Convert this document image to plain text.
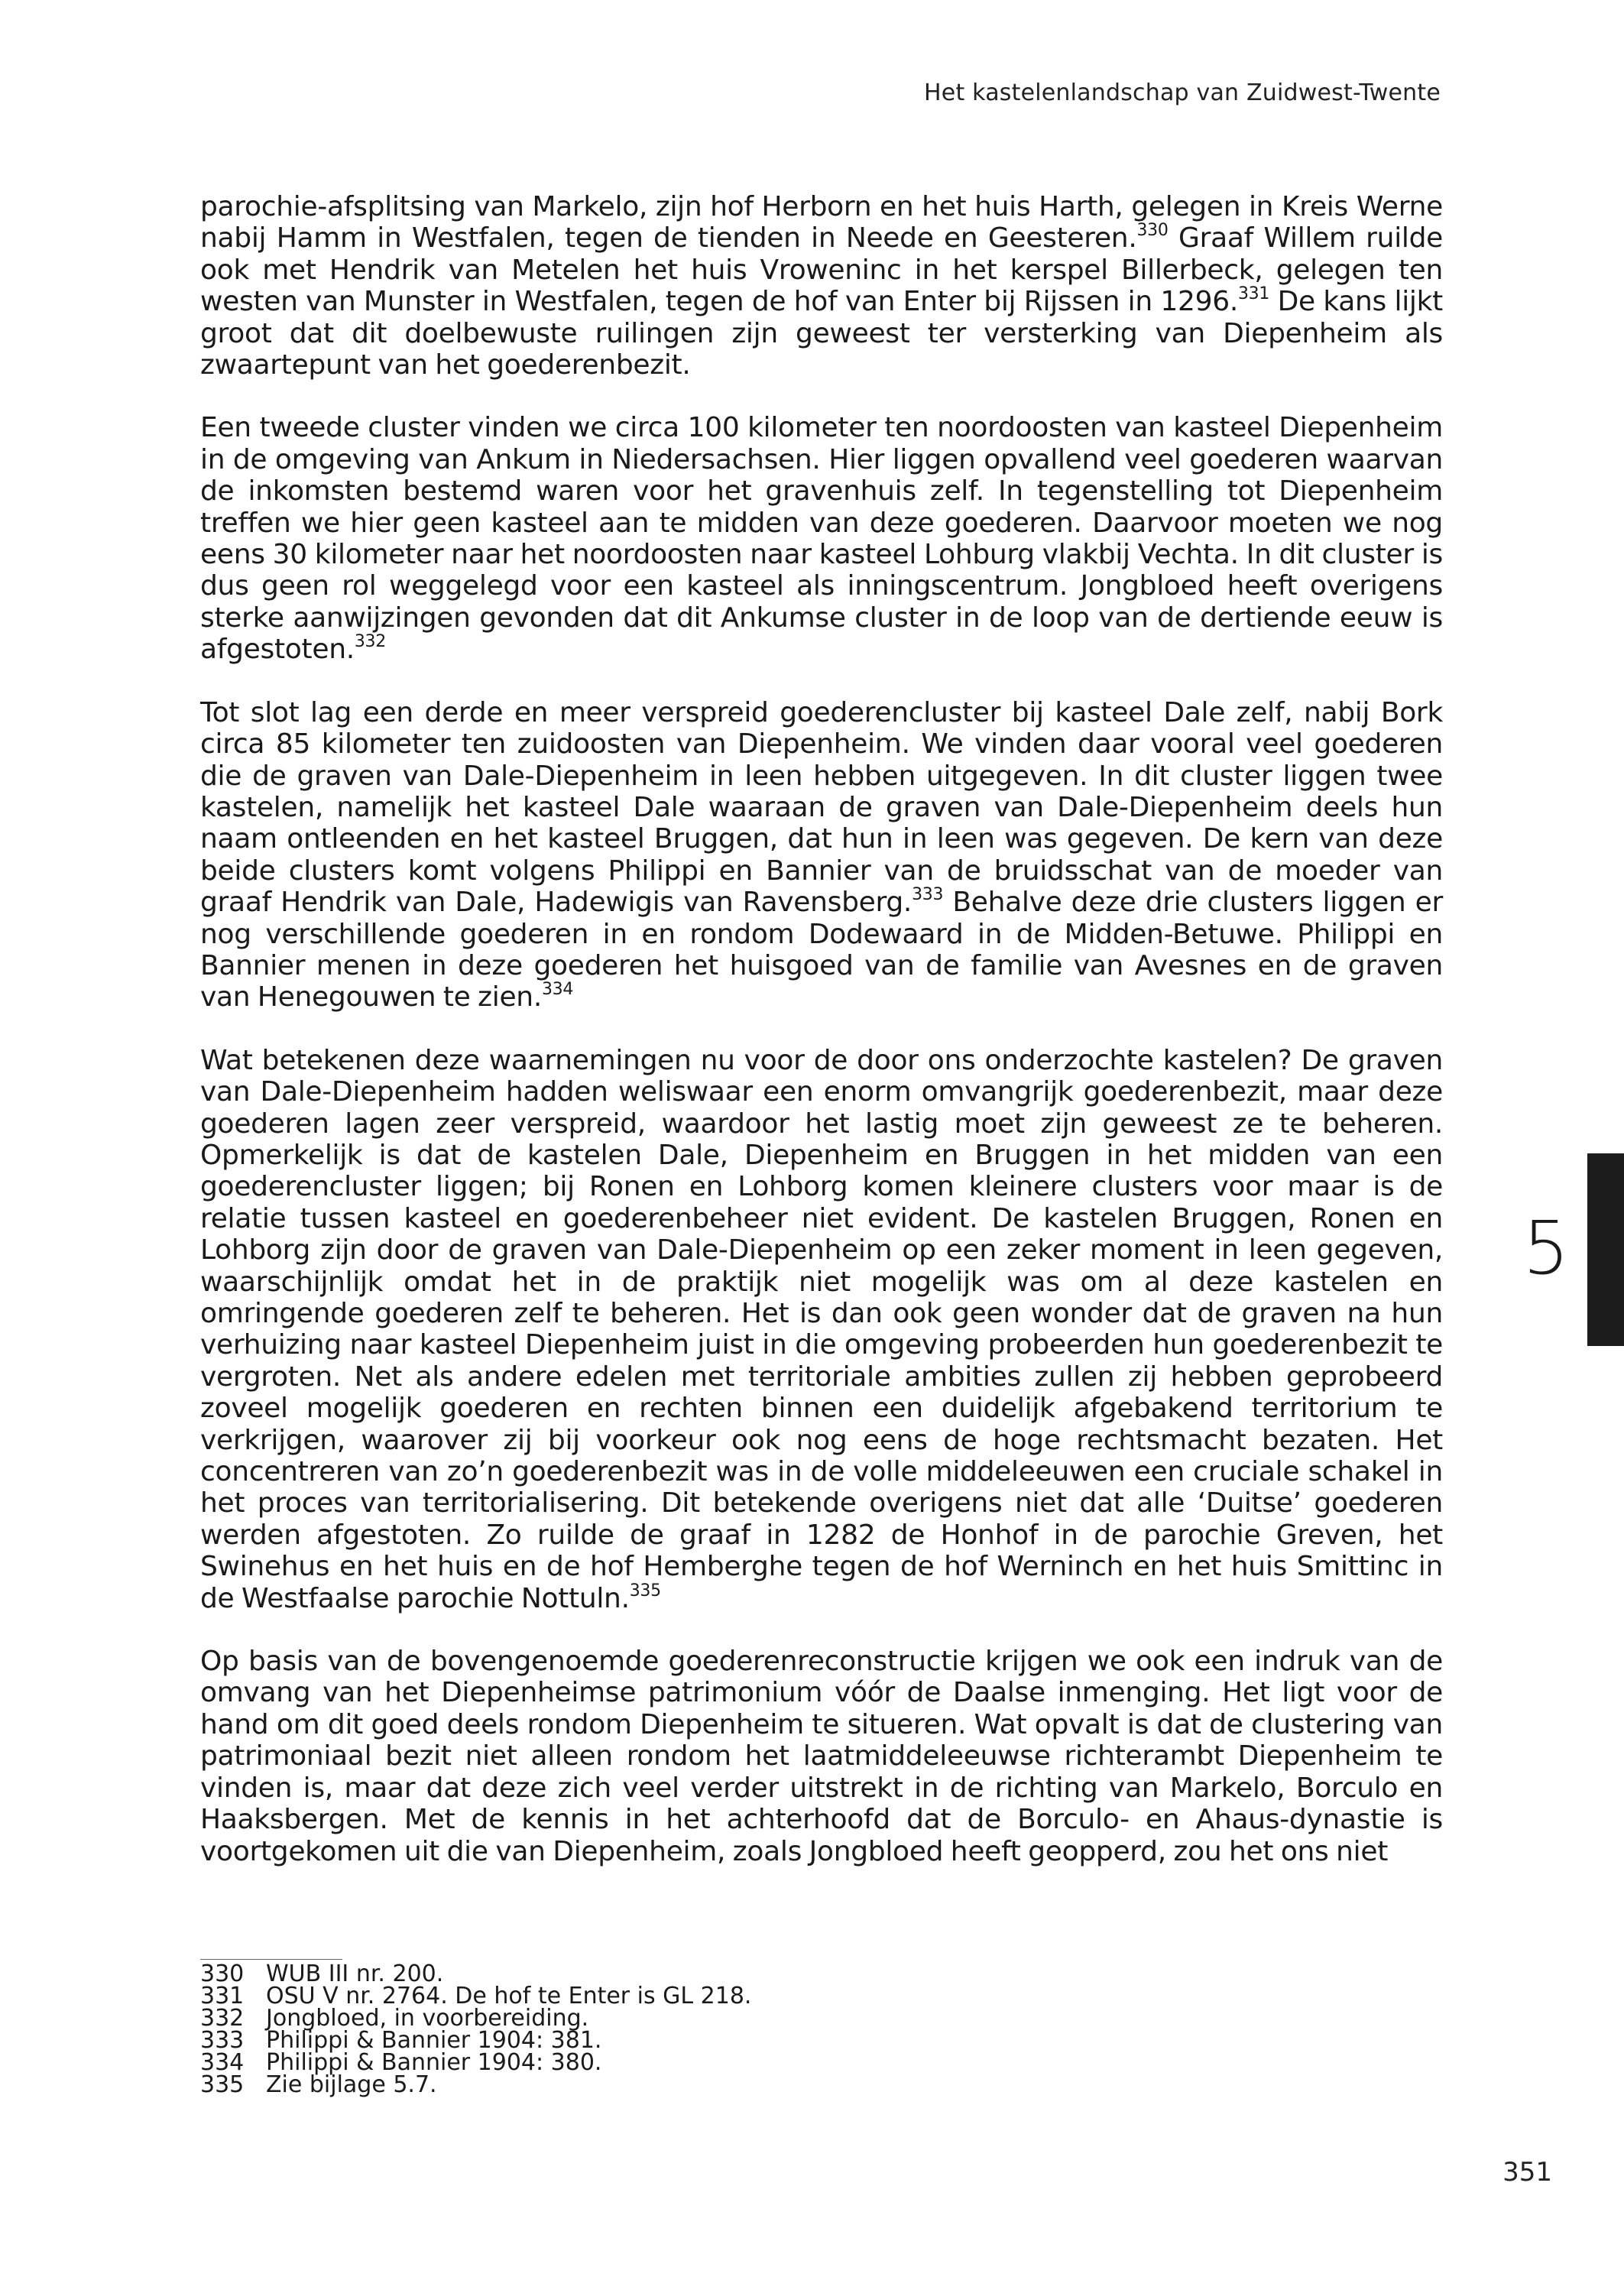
Het kastelenlandschap van Zuidwest-Twente

parochie-afsplitsing van Markelo, zijn hof Herborn en het huis Harth, gelegen in Kreis Werne nabij Hamm in Westfalen, tegen de tienden in Neede en Geesteren.$^{330}$ Graaf Willem ruilde ook met Hendrik van Metelen het huis Vroweninc in het kerspel Billerbeck, gelegen ten westen van Munster in Westfalen, tegen de hof van Enter bij Rijssen in 1296.$^{331}$ De kans lijkt groot dat dit doelbewuste ruilingen zijn geweest ter versterking van Diepenheim als zwaartepunt van het goederenbezit.

Een tweede cluster vinden we circa 100 kilometer ten noordoosten van kasteel Diepenheim in de omgeving van Ankum in Niedersachsen. Hier liggen opvallend veel goederen waarvan de inkomsten bestemd waren voor het gravenhuis zelf. In tegenstelling tot Diepenheim treffen we hier geen kasteel aan te midden van deze goederen. Daarvoor moeten we nog eens 30 kilometer naar het noordoosten naar kasteel Lohburg vlakbij Vechta. In dit cluster is dus geen rol weggelegd voor een kasteel als inningscentrum. Jongbloed heeft overigens sterke aanwijzingen gevonden dat dit Ankumse cluster in de loop van de dertiende eeuw is afgestoten.$^{332}$

Tot slot lag een derde en meer verspreid goederencluster bij kasteel Dale zelf, nabij Bork circa 85 kilometer ten zuidoosten van Diepenheim. We vinden daar vooral veel goederen die de graven van Dale-Diepenheim in leen hebben uitgegeven. In dit cluster liggen twee kastelen, namelijk het kasteel Dale waaraan de graven van Dale-Diepenheim deels hun naam ontleenden en het kasteel Bruggen, dat hun in leen was gegeven. De kern van deze beide clusters komt volgens Philippi en Bannier van de bruidsschat van de moeder van graaf Hendrik van Dale, Hadewigis van Ravensberg.$^{333}$ Behalve deze drie clusters liggen er nog verschillende goederen in en rondom Dodewaard in de Midden-Betuwe. Philippi en Bannier menen in deze goederen het huisgoed van de familie van Avesnes en de graven van Henegouwen te zien.$^{334}$

Wat betekenen deze waarnemingen nu voor de door ons onderzochte kastelen? De graven van Dale-Diepenheim hadden weliswaar een enorm omvangrijk goederenbezit, maar deze goederen lagen zeer verspreid, waardoor het lastig moet zijn geweest ze te beheren. Opmerkelijk is dat de kastelen Dale, Diepenheim en Bruggen in het midden van een goederencluster liggen; bij Ronen en Lohborg komen kleinere clusters voor maar is de relatie tussen kasteel en goederenbeheer niet evident. De kastelen Bruggen, Ronen en Lohborg zijn door de graven van Dale-Diepenheim op een zeker moment in leen gegeven, waarschijnlijk omdat het in de praktijk niet mogelijk was om al deze kastelen en omringende goederen zelf te beheren. Het is dan ook geen wonder dat de graven na hun verhuizing naar kasteel Diepenheim juist in die omgeving probeerden hun goederenbezit te vergroten. Net als andere edelen met territoriale ambities zullen zij hebben geprobeerd zoveel mogelijk goederen en rechten binnen een duidelijk afgebakend territorium te verkrijgen, waarover zij bij voorkeur ook nog eens de hoge rechtsmacht bezaten. Het concentreren van zo’n goederenbezit was in de volle middeleeuwen een cruciale schakel in het proces van territorialisering. Dit betekende overigens niet dat alle ‘Duitse’ goederen werden afgestoten. Zo ruilde de graaf in 1282 de Honhof in de parochie Greven, het Swinehus en het huis en de hof Hemberghe tegen de hof Werninch en het huis Smittinc in de Westfaalse parochie Nottuln.$^{335}$

Op basis van de bovengenoemde goederenreconstructie krijgen we ook een indruk van de omvang van het Diepenheimse patrimonium vóór de Daalse inmenging. Het ligt voor de hand om dit goed deels rondom Diepenheim te situeren. Wat opvalt is dat de clustering van patrimoniaal bezit niet alleen rondom het laatmiddeleeuwse richterambt Diepenheim te vinden is, maar dat deze zich veel verder uitstrekt in de richting van Markelo, Borculo en Haaksbergen. Met de kennis in het achterhoofd dat de Borculo- en Ahaus-dynastie is voortgekomen uit die van Diepenheim, zoals Jongbloed heeft geopperd, zou het ons niet

330 WUB III nr. 200.
331 OSU V nr. 2764. De hof te Enter is GL 218.
332 Jongbloed, in voorbereiding.
333 Philippi & Bannier 1904: 381.
334 Philippi & Bannier 1904: 380.
335 Zie bijlage 5.7.
5
351
